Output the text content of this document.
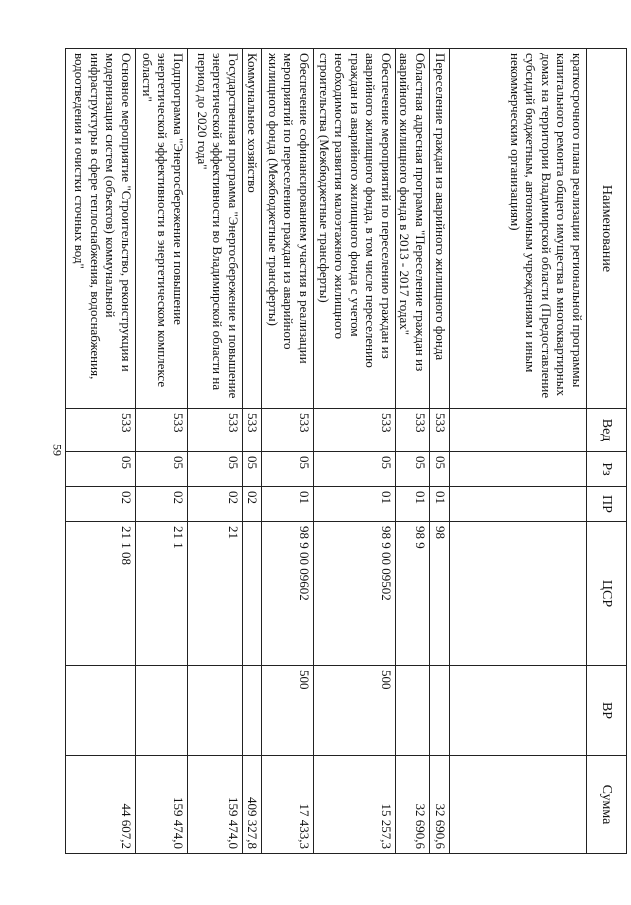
59
Наименование	Вед	Рз	ПР	ЦСР	ВР	Сумма
краткосрочного плана реализации региональной программы капитального ремонта общего имущества в многоквартирных домах на территории Владимирской области (Предоставление субсидий бюджетным, автономным учреждениям и иным некоммерческим организациям)						
Переселение граждан из аварийного жилищного фонда	533	05	01	98		32 690,6
Областная адресная программа "Переселение граждан из аварийного жилищного фонда в 2013 - 2017 годах"	533	05	01	98 9		32 690,6
Обеспечение мероприятий по переселению граждан из аварийного жилищного фонда, в том числе переселению граждан из аварийного жилищного фонда с учетом необходимости развития малоэтажного жилищного строительства (Межбюджетные трансферты)	533	05	01	98 9 00 09502	500	15 257,3
Обеспечение софинансированием участия в реализации мероприятий по переселению граждан из аварийного жилищного фонда (Межбюджетные трансферты)	533	05	01	98 9 00 09602	500	17 433,3
Коммунальное хозяйство	533	05	02			409 327,8
Государственная программа "Энергосбережение и повышение энергетической эффективности во Владимирской области на период до 2020 года"	533	05	02	21		159 474,0
Подпрограмма "Энергосбережение и повышение энергетической эффективности в энергетическом комплексе области"	533	05	02	21 1		159 474,0
Основное мероприятие "Строительство, реконструкция и модернизация систем (объектов) коммунальной инфраструктуры в сфере теплоснабжения, водоснабжения, водоотведения и очистки сточных вод"	533	05	02	21 1 08		44 607,2
